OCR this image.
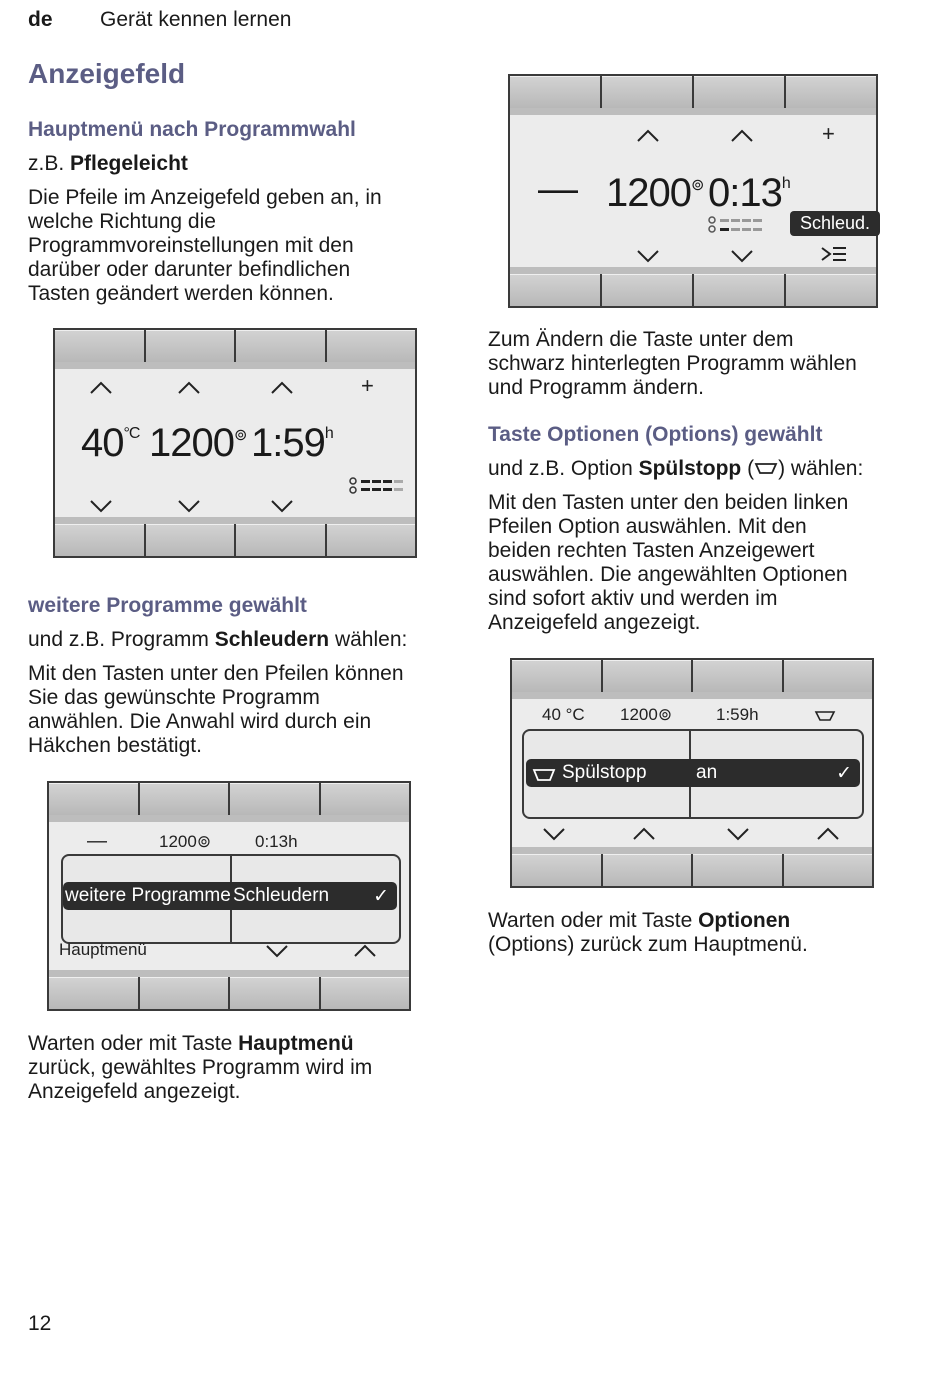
de Gerät kennen lernen
Anzeigefeld
Hauptmenü nach Programmwahl
z.B. Pflegeleicht
Die Pfeile im Anzeigefeld geben an, in
welche Richtung die
Programmvoreinstellungen mit den
darüber oder darunter befindlichen
Tasten geändert werden können.
+
$40^{^\circ C}$ 1200⊚ 1:59$^h$
weitere Programme gewählt
und z.B. Programm Schleudern wählen:
Mit den Tasten unter den Pfeilen können
Sie das gewünschte Programm
anwählen. Die Anwahl wird durch ein
Häkchen bestätigt.
—	1200⊚	0:13h
weitere Programme Schleudern ✓
Hauptmenü
Warten oder mit Taste Hauptmenü
zurück, gewähltes Programm wird im
Anzeigefeld angezeigt.
+
— 1200⊚ 0:13$^h$
Schleud.
Zum Ändern die Taste unter dem
schwarz hinterlegten Programm wählen
und Programm ändern.
Taste Optionen (Options) gewählt
und z.B. Option Spülstopp ( ) wählen:
Mit den Tasten unter den beiden linken
Pfeilen Option auswählen. Mit den
beiden rechten Tasten Anzeigewert
auswählen. Die angewählten Optionen
sind sofort aktiv und werden im
Anzeigefeld angezeigt.
40 °C 1200⊚	1:59h
Spülstopp	an	✓
Warten oder mit Taste Optionen
(Options) zurück zum Hauptmenü.
12
